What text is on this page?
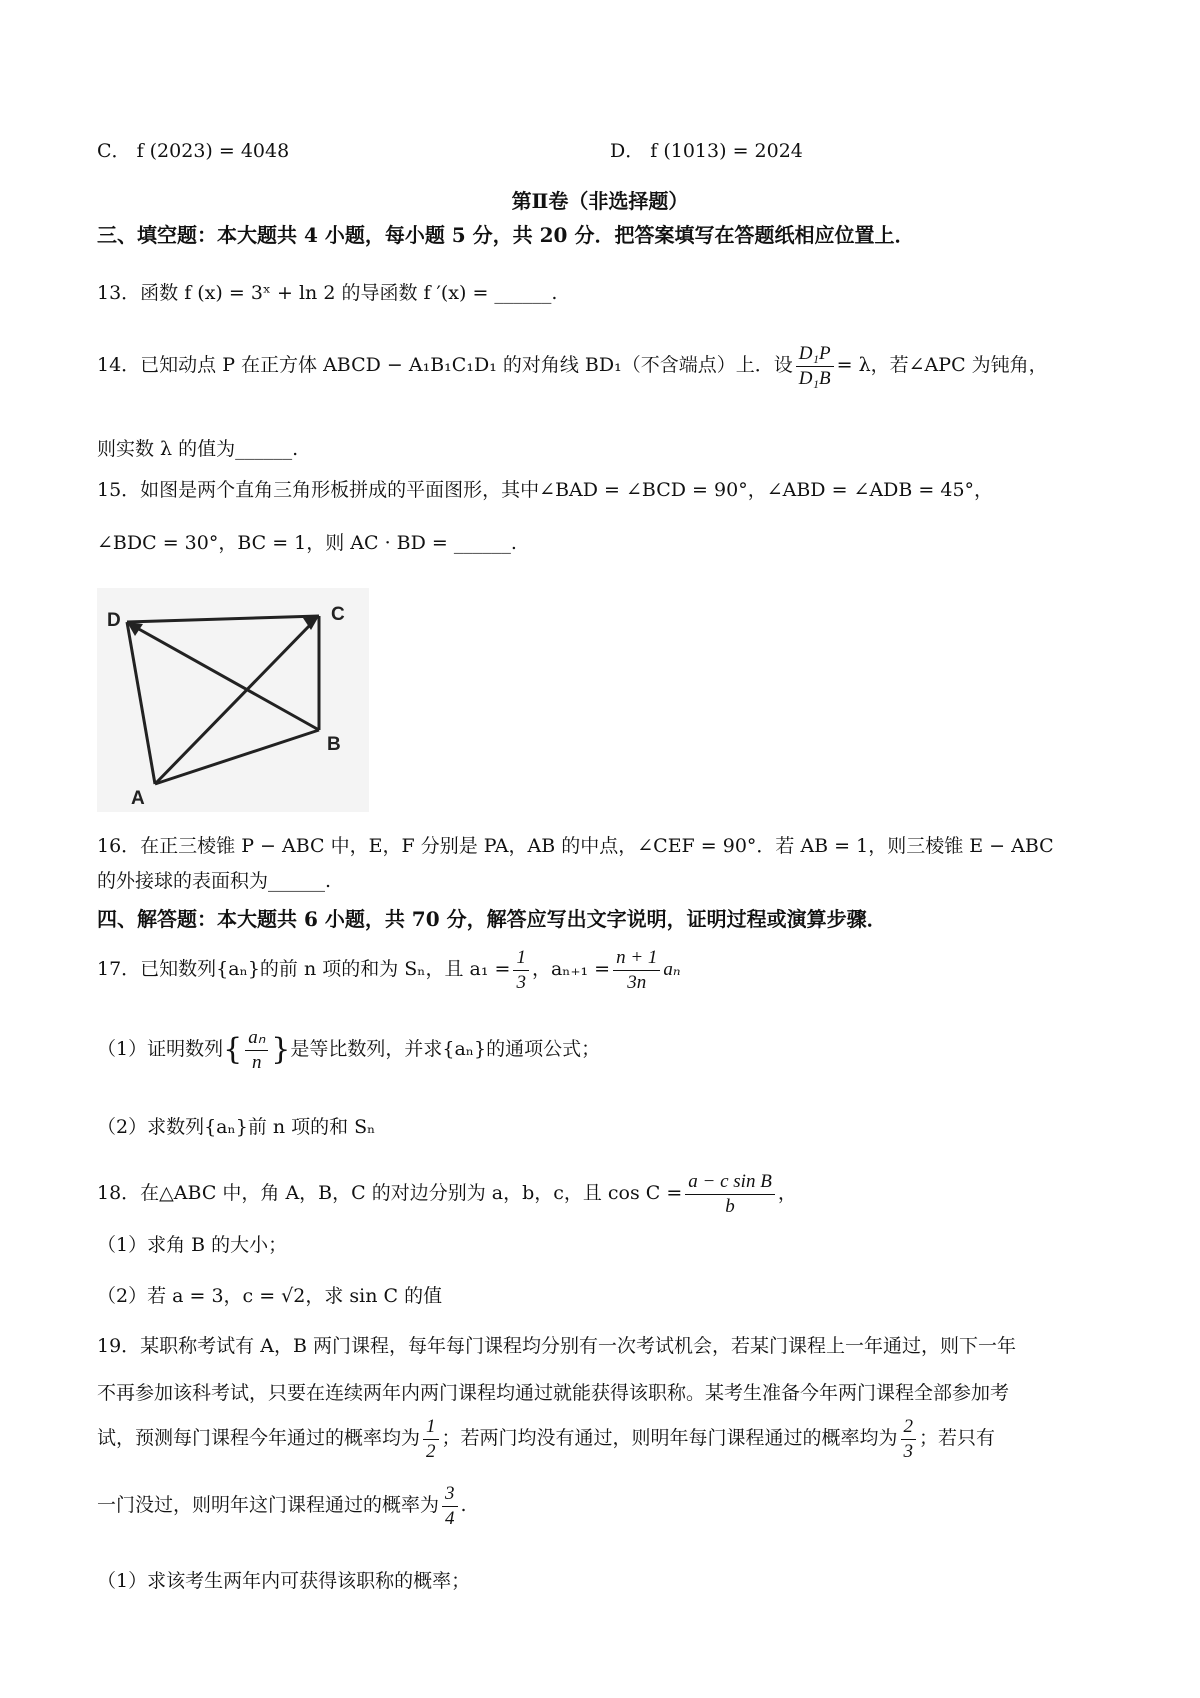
C． f (2023) = 4048	D． f (1013) = 2024
第Ⅱ卷（非选择题）
三、填空题：本大题共 4 小题，每小题 5 分，共 20 分．把答案填写在答题纸相应位置上．
13．函数 f (x) = 3ˣ + ln 2 的导函数 f ′(x) = ______.
14．已知动点 P 在正方体 ABCD − A₁B₁C₁D₁ 的对角线 BD₁（不含端点）上．设 $\frac{\text{D₁P}}{\text{D₁B}} = \lambda$，若∠APC 为钝角，
则实数 λ 的值为______.
15．如图是两个直角三角形板拼成的平面图形，其中∠BAD = ∠BCD = 90°，∠ABD = ∠ADB = 45°，
∠BDC = 30°，BC = 1，则 AC · BD = ______.
D	C
B
A
16．在正三棱锥 P − ABC 中，E，F 分别是 PA，AB 的中点，∠CEF = 90°．若 AB = 1，则三棱锥 E − ABC
的外接球的表面积为______.
四、解答题：本大题共 6 小题，共 70 分，解答应写出文字说明，证明过程或演算步骤．
17．已知数列{aₙ}的前 n 项的和为 Sₙ，且 $a_1 = \frac{1}{3}$ ，$a_{n+1} = \frac{n + 1}{3n}$ aₙ
（1）证明数列{ $\frac{\text{aₙ}}{n}$ }是等比数列，并求{aₙ}的通项公式；
（2）求数列{aₙ}前 n 项的和 Sₙ
18．在△ABC 中，角 A，B，C 的对边分别为 a，b，c，且 $\cos C = \frac{\text{a − c sin B}}{b}$ ，
（1）求角 B 的大小；
（2）若 a = 3，c = √2，求 sin C 的值
19．某职称考试有 A，B 两门课程，每年每门课程均分别有一次考试机会，若某门课程上一年通过，则下一年
不再参加该科考试，只要在连续两年内两门课程均通过就能获得该职称。某考生准备今年两门课程全部参加考
试，预测每门课程今年通过的概率均为 $\frac{1}{2}$ ；若两门均没有通过，则明年每门课程通过的概率均为 $\frac{2}{3}$ ；若只有
一门没过，则明年这门课程通过的概率为 $\frac{3}{4}$ .
（1）求该考生两年内可获得该职称的概率；
